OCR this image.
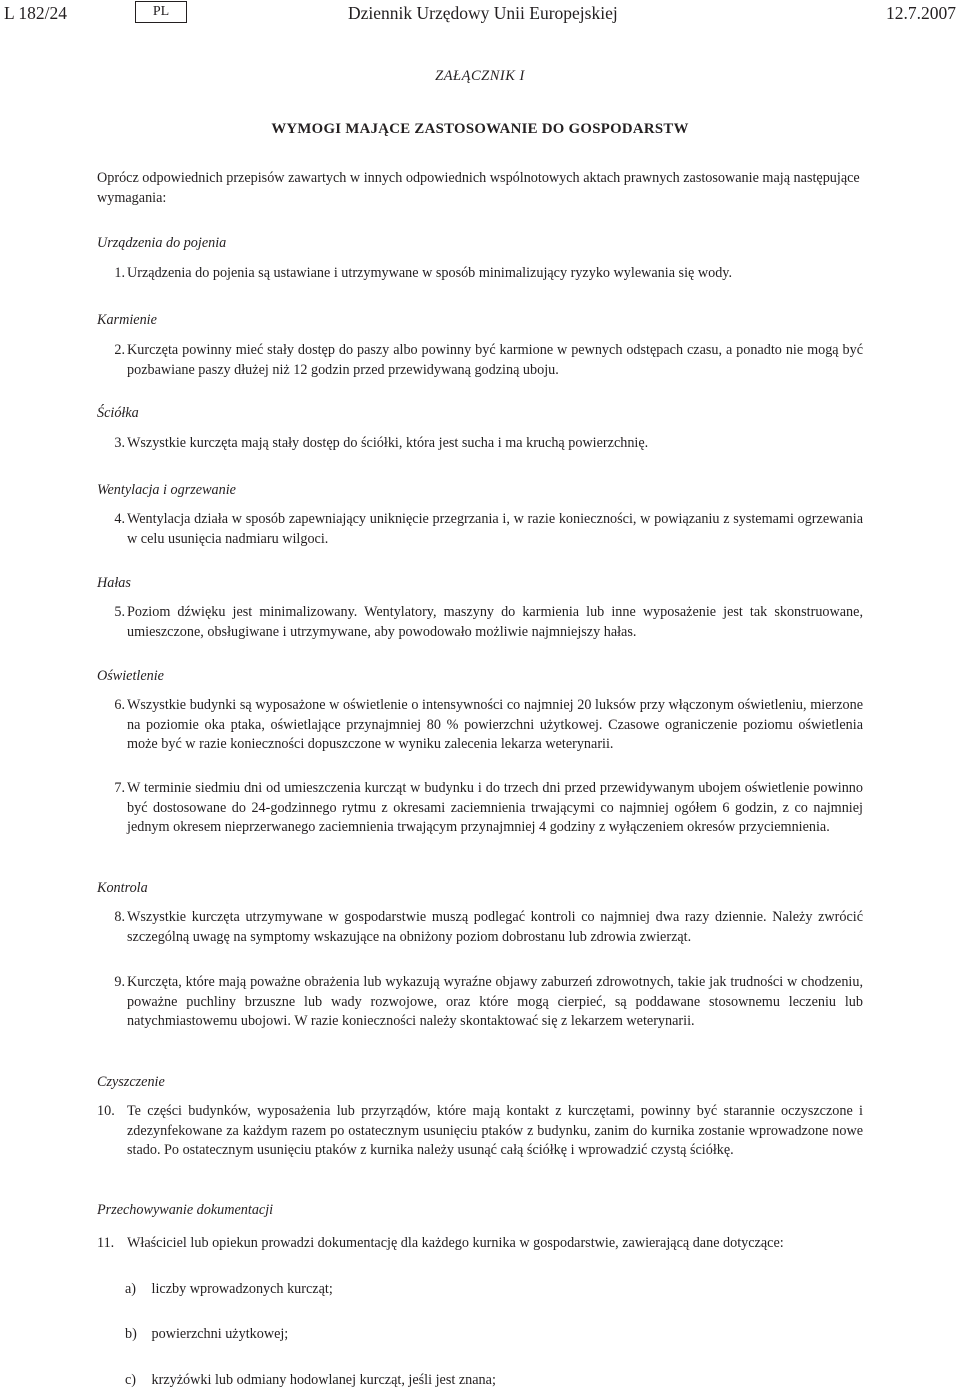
L 182/24	PL	Dziennik Urzędowy Unii Europejskiej	12.7.2007
ZAŁĄCZNIK I
WYMOGI MAJĄCE ZASTOSOWANIE DO GOSPODARSTW
Oprócz odpowiednich przepisów zawartych w innych odpowiednich wspólnotowych aktach prawnych zastosowanie mają następujące wymagania:
Urządzenia do pojenia
1. Urządzenia do pojenia są ustawiane i utrzymywane w sposób minimalizujący ryzyko wylewania się wody.
Karmienie
2. Kurczęta powinny mieć stały dostęp do paszy albo powinny być karmione w pewnych odstępach czasu, a ponadto nie mogą być pozbawiane paszy dłużej niż 12 godzin przed przewidywaną godziną uboju.
Ściółka
3. Wszystkie kurczęta mają stały dostęp do ściółki, która jest sucha i ma kruchą powierzchnię.
Wentylacja i ogrzewanie
4. Wentylacja działa w sposób zapewniający uniknięcie przegrzania i, w razie konieczności, w powiązaniu z systemami ogrzewania w celu usunięcia nadmiaru wilgoci.
Hałas
5. Poziom dźwięku jest minimalizowany. Wentylatory, maszyny do karmienia lub inne wyposażenie jest tak skonstruowane, umieszczone, obsługiwane i utrzymywane, aby powodowało możliwie najmniejszy hałas.
Oświetlenie
6. Wszystkie budynki są wyposażone w oświetlenie o intensywności co najmniej 20 luksów przy włączonym oświetleniu, mierzone na poziomie oka ptaka, oświetlające przynajmniej 80 % powierzchni użytkowej. Czasowe ograniczenie poziomu oświetlenia może być w razie konieczności dopuszczone w wyniku zalecenia lekarza weterynarii.
7. W terminie siedmiu dni od umieszczenia kurcząt w budynku i do trzech dni przed przewidywanym ubojem oświetlenie powinno być dostosowane do 24-godzinnego rytmu z okresami zaciemnienia trwającymi co najmniej ogółem 6 godzin, z co najmniej jednym okresem nieprzerwanego zaciemnienia trwającym przynajmniej 4 godziny z wyłączeniem okresów przyciemnienia.
Kontrola
8. Wszystkie kurczęta utrzymywane w gospodarstwie muszą podlegać kontroli co najmniej dwa razy dziennie. Należy zwrócić szczególną uwagę na symptomy wskazujące na obniżony poziom dobrostanu lub zdrowia zwierząt.
9. Kurczęta, które mają poważne obrażenia lub wykazują wyraźne objawy zaburzeń zdrowotnych, takie jak trudności w chodzeniu, poważne puchliny brzuszne lub wady rozwojowe, oraz które mogą cierpieć, są poddawane stosownemu leczeniu lub natychmiastowemu ubojowi. W razie konieczności należy skontaktować się z lekarzem weterynarii.
Czyszczenie
10. Te części budynków, wyposażenia lub przyrządów, które mają kontakt z kurczętami, powinny być starannie oczyszczone i zdezynfekowane za każdym razem po ostatecznym usunięciu ptaków z budynku, zanim do kurnika zostanie wprowadzone nowe stado. Po ostatecznym usunięciu ptaków z kurnika należy usunąć całą ściółkę i wprowadzić czystą ściółkę.
Przechowywanie dokumentacji
11. Właściciel lub opiekun prowadzi dokumentację dla każdego kurnika w gospodarstwie, zawierającą dane dotyczące:
a) liczby wprowadzonych kurcząt;
b) powierzchni użytkowej;
c) krzyżówki lub odmiany hodowlanej kurcząt, jeśli jest znana;
